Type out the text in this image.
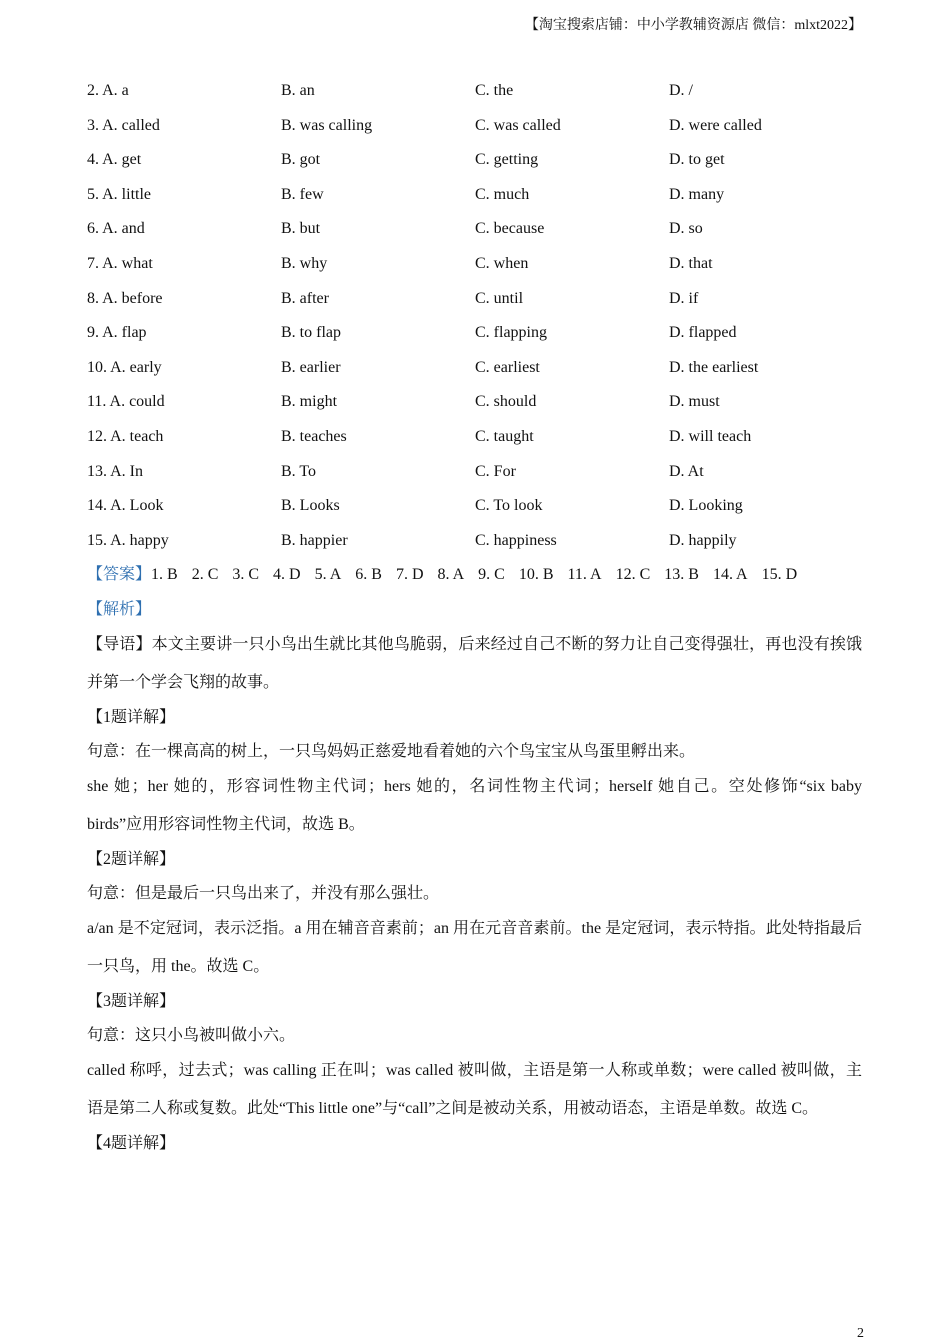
【淘宝搜索店铺：中小学教辅资源店 微信：mlxt2022】
2. A. a	B. an	C. the	D. /
3. A. called	B. was calling	C. was called	D. were called
4. A. get	B. got	C. getting	D. to get
5. A. little	B. few	C. much	D. many
6. A. and	B. but	C. because	D. so
7. A. what	B. why	C. when	D. that
8. A. before	B. after	C. until	D. if
9. A. flap	B. to flap	C. flapping	D. flapped
10. A. early	B. earlier	C. earliest	D. the earliest
11. A. could	B. might	C. should	D. must
12. A. teach	B. teaches	C. taught	D. will teach
13. A. In	B. To	C. For	D. At
14. A. Look	B. Looks	C. To look	D. Looking
15. A. happy	B. happier	C. happiness	D. happily
【答案】1. B 2. C 3. C 4. D 5. A 6. B 7. D 8. A 9. C 10. B 11. A 12. C 13. B 14. A 15. D

【解析】

【导语】本文主要讲一只小鸟出生就比其他鸟脆弱，后来经过自己不断的努力让自己变得强壮，再也没有挨饿并第一个学会飞翔的故事。

【1题详解】

句意：在一棵高高的树上，一只鸟妈妈正慈爱地看着她的六个鸟宝宝从鸟蛋里孵出来。

she 她；her 她的，形容词性物主代词；hers 她的，名词性物主代词；herself 她自己。空处修饰“six baby birds”应用形容词性物主代词，故选 B。

【2题详解】

句意：但是最后一只鸟出来了，并没有那么强壮。

a/an 是不定冠词，表示泛指。a 用在辅音音素前；an 用在元音音素前。the 是定冠词，表示特指。此处特指最后一只鸟，用 the。故选 C。

【3题详解】

句意：这只小鸟被叫做小六。

called 称呼，过去式；was calling 正在叫；was called 被叫做，主语是第一人称或单数；were called 被叫做，主语是第二人称或复数。此处“This little one”与“call”之间是被动关系，用被动语态，主语是单数。故选 C。

【4题详解】

2
